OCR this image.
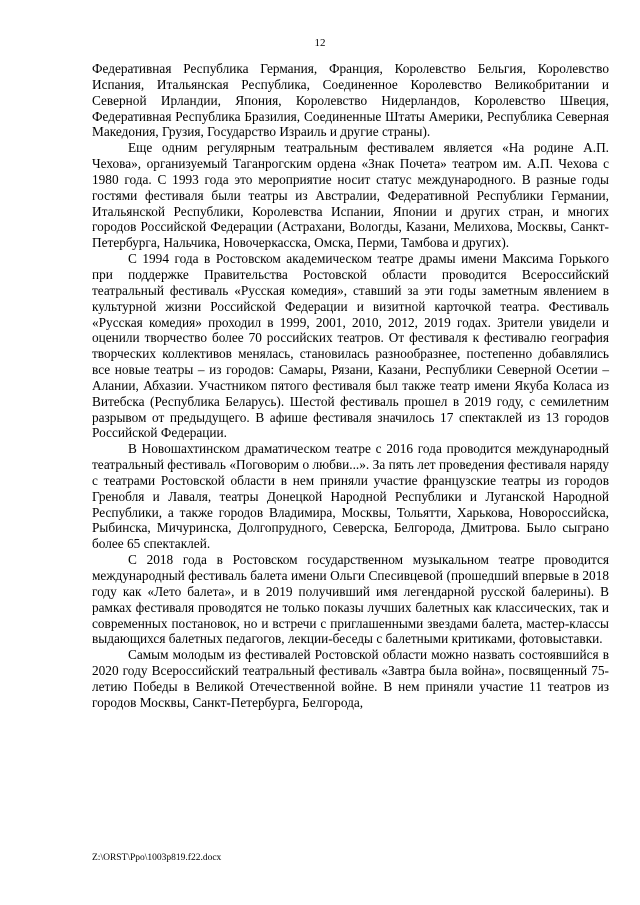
12

Федеративная Республика Германия, Франция, Королевство Бельгия, Королевство Испания, Итальянская Республика, Соединенное Королевство Великобритании и Северной Ирландии, Япония, Королевство Нидерландов, Королевство Швеция, Федеративная Республика Бразилия, Соединенные Штаты Америки, Республика Северная Македония, Грузия, Государство Израиль и другие страны).

Еще одним регулярным театральным фестивалем является «На родине А.П. Чехова», организуемый Таганрогским ордена «Знак Почета» театром им. А.П. Чехова с 1980 года. С 1993 года это мероприятие носит статус международного. В разные годы гостями фестиваля были театры из Австралии, Федеративной Республики Германии, Итальянской Республики, Королевства Испании, Японии и других стран, и многих городов Российской Федерации (Астрахани, Вологды, Казани, Мелихова, Москвы, Санкт-Петербурга, Нальчика, Новочеркасска, Омска, Перми, Тамбова и других).

С 1994 года в Ростовском академическом театре драмы имени Максима Горького при поддержке Правительства Ростовской области проводится Всероссийский театральный фестиваль «Русская комедия», ставший за эти годы заметным явлением в культурной жизни Российской Федерации и визитной карточкой театра. Фестиваль «Русская комедия» проходил в 1999, 2001, 2010, 2012, 2019 годах. Зрители увидели и оценили творчество более 70 российских театров. От фестиваля к фестивалю география творческих коллективов менялась, становилась разнообразнее, постепенно добавлялись все новые театры – из городов: Самары, Рязани, Казани, Республики Северной Осетии – Алании, Абхазии. Участником пятого фестиваля был также театр имени Якуба Коласа из Витебска (Республика Беларусь). Шестой фестиваль прошел в 2019 году, с семилетним разрывом от предыдущего. В афише фестиваля значилось 17 спектаклей из 13 городов Российской Федерации.

В Новошахтинском драматическом театре с 2016 года проводится международный театральный фестиваль «Поговорим о любви...». За пять лет проведения фестиваля наряду с театрами Ростовской области в нем приняли участие французские театры из городов Гренобля и Лаваля, театры Донецкой Народной Республики и Луганской Народной Республики, а также городов Владимира, Москвы, Тольятти, Харькова, Новороссийска, Рыбинска, Мичуринска, Долгопрудного, Северска, Белгорода, Дмитрова. Было сыграно более 65 спектаклей.

С 2018 года в Ростовском государственном музыкальном театре проводится международный фестиваль балета имени Ольги Спесивцевой (прошедший впервые в 2018 году как «Лето балета», и в 2019 получивший имя легендарной русской балерины). В рамках фестиваля проводятся не только показы лучших балетных как классических, так и современных постановок, но и встречи с приглашенными звездами балета, мастер-классы выдающихся балетных педагогов, лекции-беседы с балетными критиками, фотовыставки.

Самым молодым из фестивалей Ростовской области можно назвать состоявшийся в 2020 году Всероссийский театральный фестиваль «Завтра была война», посвященный 75-летию Победы в Великой Отечественной войне. В нем приняли участие 11 театров из городов Москвы, Санкт-Петербурга, Белгорода,

Z:\ORST\Ppo\1003p819.f22.docx
